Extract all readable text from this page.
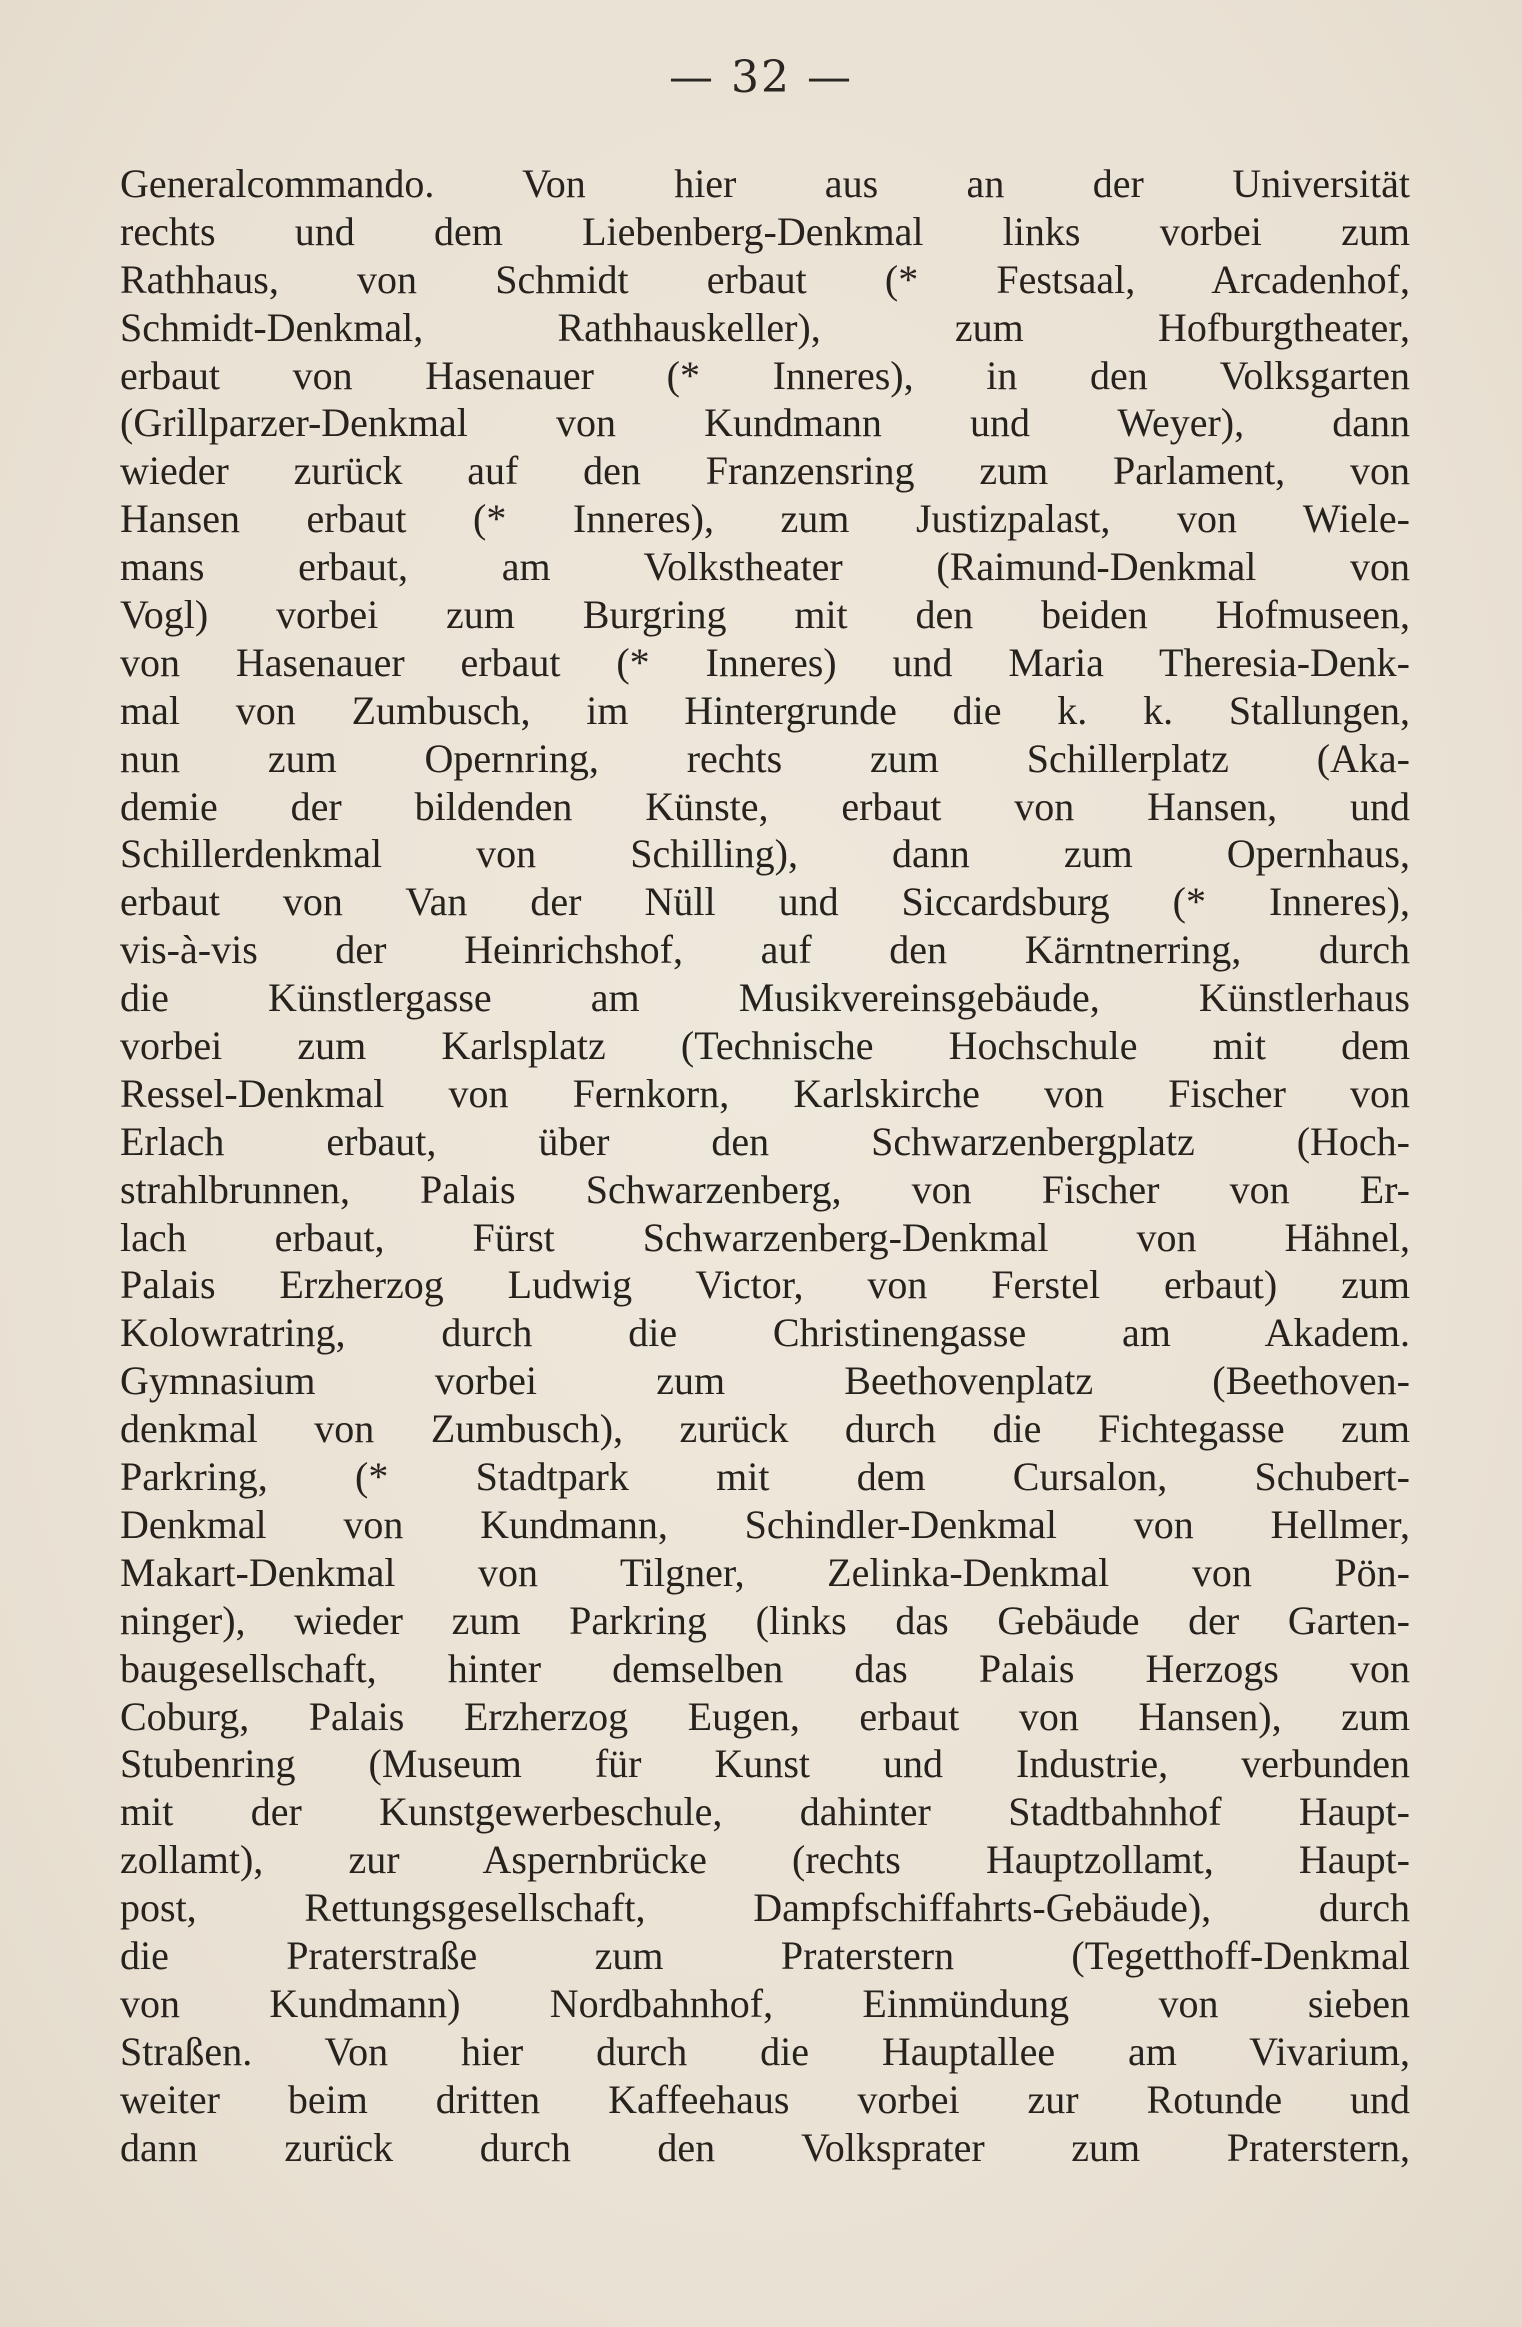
— 32 —
Generalcommando. Von hier aus an der Universität
rechts und dem Liebenberg-Denkmal links vorbei zum
Rathhaus, von Schmidt erbaut (* Festsaal, Arcadenhof,
Schmidt-Denkmal, Rathhauskeller), zum Hofburgtheater,
erbaut von Hasenauer (* Inneres), in den Volksgarten
(Grillparzer-Denkmal von Kundmann und Weyer), dann
wieder zurück auf den Franzensring zum Parlament, von
Hansen erbaut (* Inneres), zum Justizpalast, von Wiele-
mans erbaut, am Volkstheater (Raimund-Denkmal von
Vogl) vorbei zum Burgring mit den beiden Hofmuseen,
von Hasenauer erbaut (* Inneres) und Maria Theresia-Denk-
mal von Zumbusch, im Hintergrunde die k. k. Stallungen,
nun zum Opernring, rechts zum Schillerplatz (Aka-
demie der bildenden Künste, erbaut von Hansen, und
Schillerdenkmal von Schilling), dann zum Opernhaus,
erbaut von Van der Nüll und Siccardsburg (* Inneres),
vis-à-vis der Heinrichshof, auf den Kärntnerring, durch
die Künstlergasse am Musikvereinsgebäude, Künstlerhaus
vorbei zum Karlsplatz (Technische Hochschule mit dem
Ressel-Denkmal von Fernkorn, Karlskirche von Fischer von
Erlach erbaut, über den Schwarzenbergplatz (Hoch-
strahlbrunnen, Palais Schwarzenberg, von Fischer von Er-
lach erbaut, Fürst Schwarzenberg-Denkmal von Hähnel,
Palais Erzherzog Ludwig Victor, von Ferstel erbaut) zum
Kolowratring, durch die Christinengasse am Akadem.
Gymnasium vorbei zum Beethovenplatz (Beethoven-
denkmal von Zumbusch), zurück durch die Fichtegasse zum
Parkring, (* Stadtpark mit dem Cursalon, Schubert-
Denkmal von Kundmann, Schindler-Denkmal von Hellmer,
Makart-Denkmal von Tilgner, Zelinka-Denkmal von Pön-
ninger), wieder zum Parkring (links das Gebäude der Garten-
baugesellschaft, hinter demselben das Palais Herzogs von
Coburg, Palais Erzherzog Eugen, erbaut von Hansen), zum
Stubenring (Museum für Kunst und Industrie, verbunden
mit der Kunstgewerbeschule, dahinter Stadtbahnhof Haupt-
zollamt), zur Aspernbrücke (rechts Hauptzollamt, Haupt-
post, Rettungsgesellschaft, Dampfschiffahrts-Gebäude), durch
die Praterstraße zum Praterstern (Tegetthoff-Denkmal
von Kundmann) Nordbahnhof, Einmündung von sieben
Straßen. Von hier durch die Hauptallee am Vivarium,
weiter beim dritten Kaffeehaus vorbei zur Rotunde und
dann zurück durch den Volksprater zum Praterstern,
